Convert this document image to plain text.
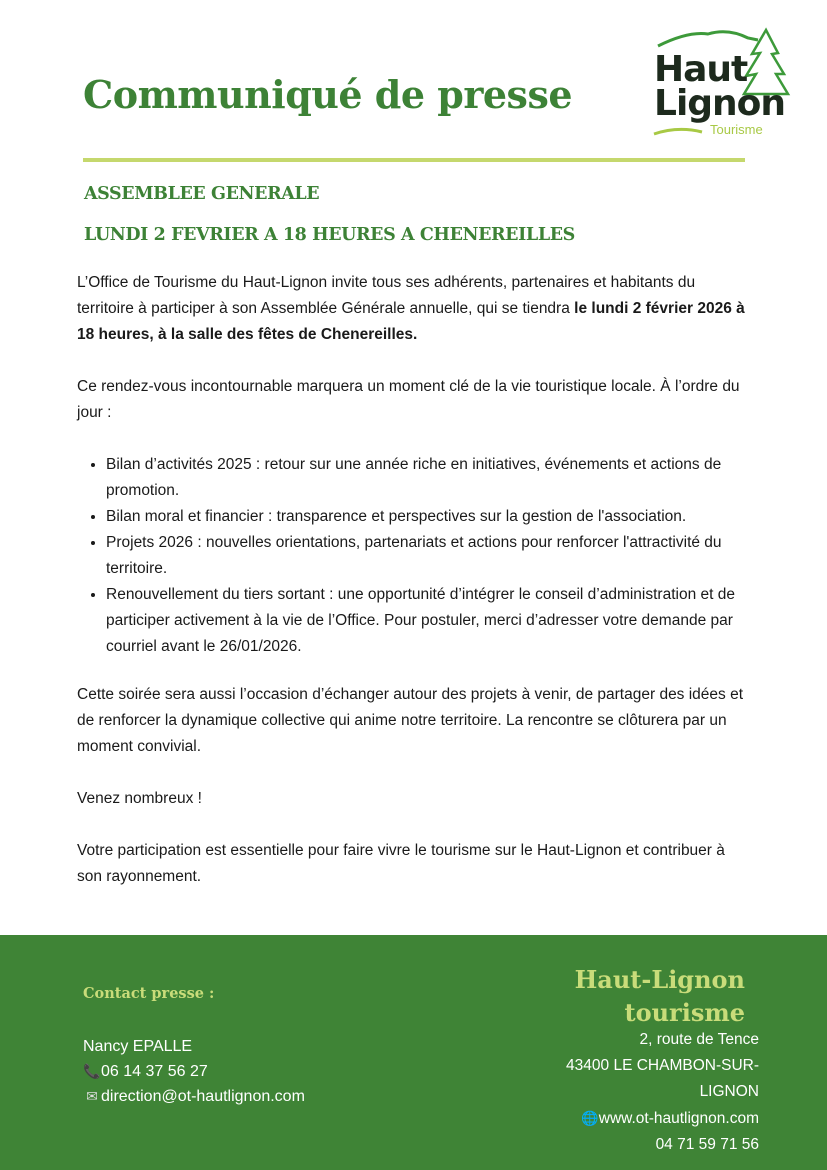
Communiqué de presse
Haut
Lignon
Tourisme
ASSEMBLEE GENERALE
LUNDI 2 FEVRIER A 18 HEURES A CHENEREILLES

L’Office de Tourisme du Haut-Lignon invite tous ses adhérents, partenaires et habitants du territoire à participer à son Assemblée Générale annuelle, qui se tiendra le lundi 2 février 2026 à 18 heures, à la salle des fêtes de Chenereilles.

Ce rendez-vous incontournable marquera un moment clé de la vie touristique locale. À l’ordre du jour :

• Bilan d’activités 2025 : retour sur une année riche en initiatives, événements et actions de promotion.
• Bilan moral et financier : transparence et perspectives sur la gestion de l'association.
• Projets 2026 : nouvelles orientations, partenariats et actions pour renforcer l'attractivité du territoire.
• Renouvellement du tiers sortant : une opportunité d’intégrer le conseil d’administration et de participer activement à la vie de l’Office. Pour postuler, merci d’adresser votre demande par courriel avant le 26/01/2026.

Cette soirée sera aussi l’occasion d’échanger autour des projets à venir, de partager des idées et de renforcer la dynamique collective qui anime notre territoire. La rencontre se clôturera par un moment convivial.

Venez nombreux !

Votre participation est essentielle pour faire vivre le tourisme sur le Haut-Lignon et contribuer à son rayonnement.

Contact presse :
Nancy EPALLE
📞06 14 37 56 27
✉ direction@ot-hautlignon.com
Haut-Lignon
tourisme
2, route de Tence
43400 LE CHAMBON-SUR-LIGNON
🌐www.ot-hautlignon.com
04 71 59 71 56
